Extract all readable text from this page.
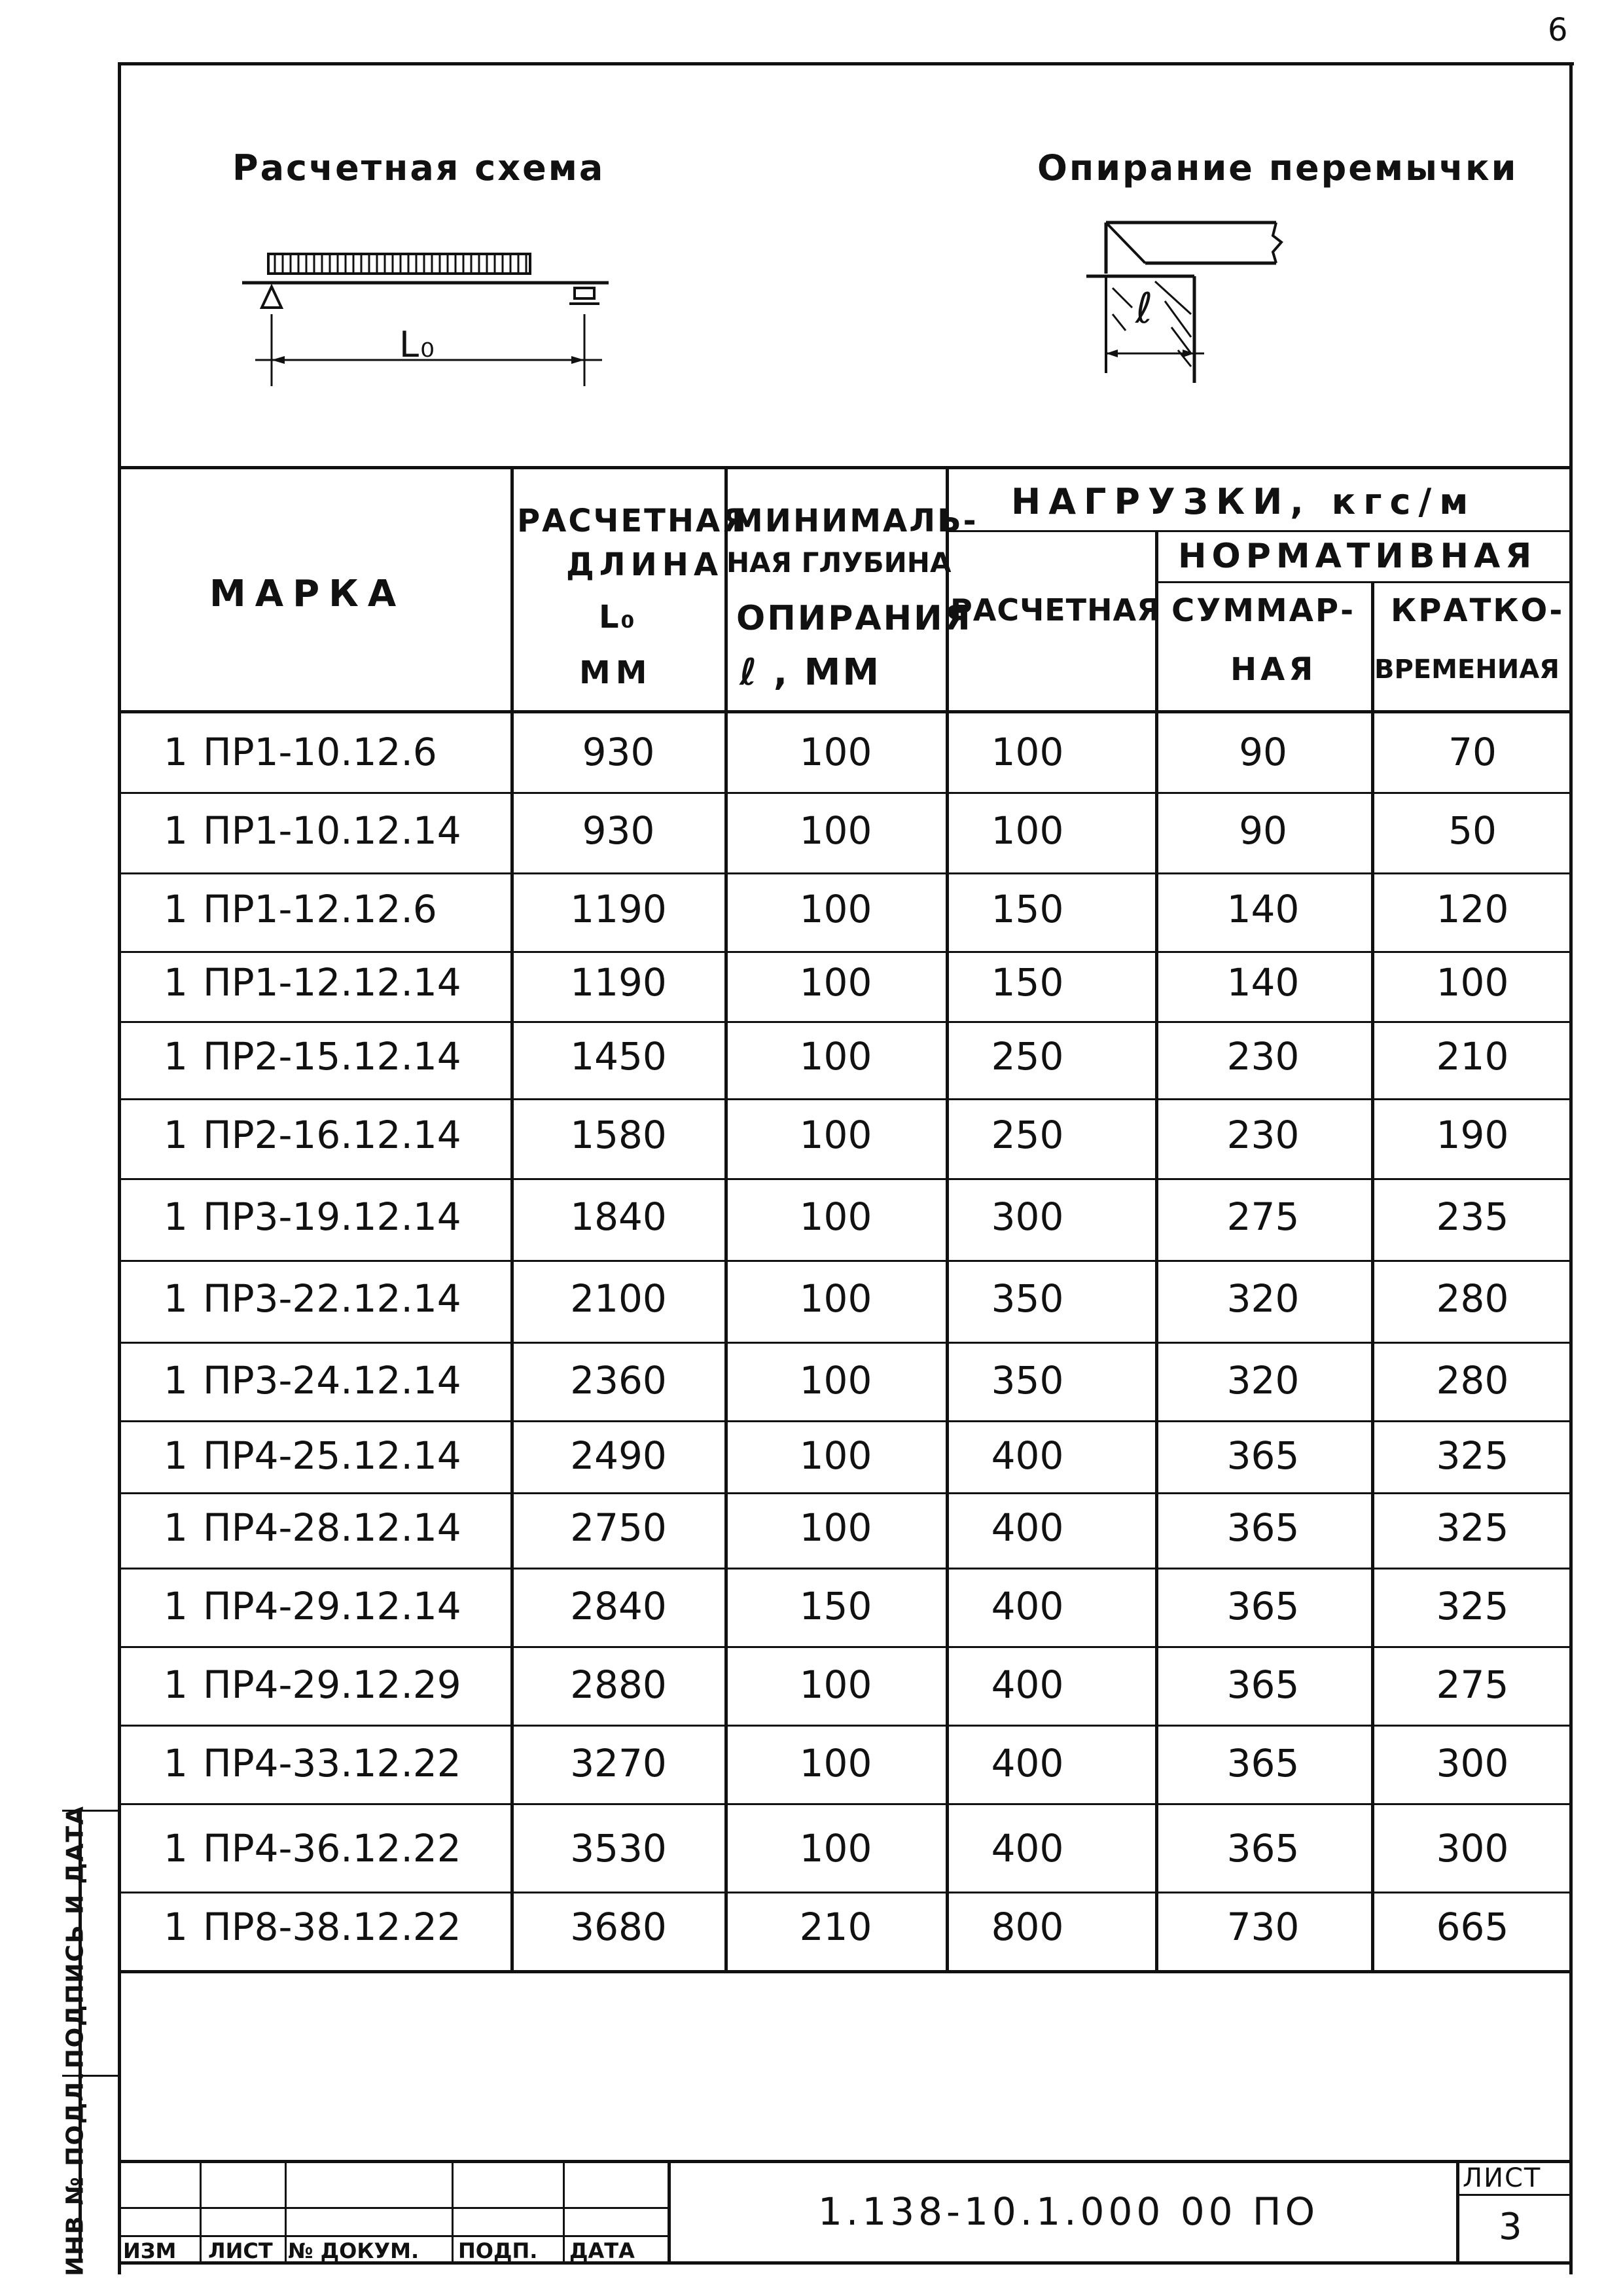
6
Расчетная схема
L₀
Опирание перемычки
ℓ
МАРКА
РАСЧЕТНАЯ
ДЛИНА
L₀
ММ
МИНИМАЛЬ-
НАЯ ГЛУБИНА
ОПИРАНИЯ
ℓ , ММ
НАГРУЗКИ, кгс/м
РАСЧЕТНАЯ
НОРМАТИВНАЯ
СУММАР-
НАЯ
КРАТКО-
ВРЕМЕНИАЯ
1 ПР1-10.12.6	930	100	100	90	70
1 ПР1-10.12.14	930	100	100	90	50
1 ПР1-12.12.6	1190	100	150	140	120
1 ПР1-12.12.14	1190	100	150	140	100
1 ПР2-15.12.14	1450	100	250	230	210
1 ПР2-16.12.14	1580	100	250	230	190
1 ПР3-19.12.14	1840	100	300	275	235
1 ПР3-22.12.14	2100	100	350	320	280
1 ПР3-24.12.14	2360	100	350	320	280
1 ПР4-25.12.14	2490	100	400	365	325
1 ПР4-28.12.14	2750	100	400	365	325
1 ПР4-29.12.14	2840	150	400	365	325
1 ПР4-29.12.29	2880	100	400	365	275
1 ПР4-33.12.22	3270	100	400	365	300
1 ПР4-36.12.22	3530	100	400	365	300
1 ПР8-38.12.22	3680	210	800	730	665
ИЗМ ЛИСТ № ДОКУМ. ПОДП. ДАТА
1.138-10.1.000 00 ПО
ЛИСТ
3
ПОДПИСЬ И ДАТА
ИНВ № ПОДЛ.
